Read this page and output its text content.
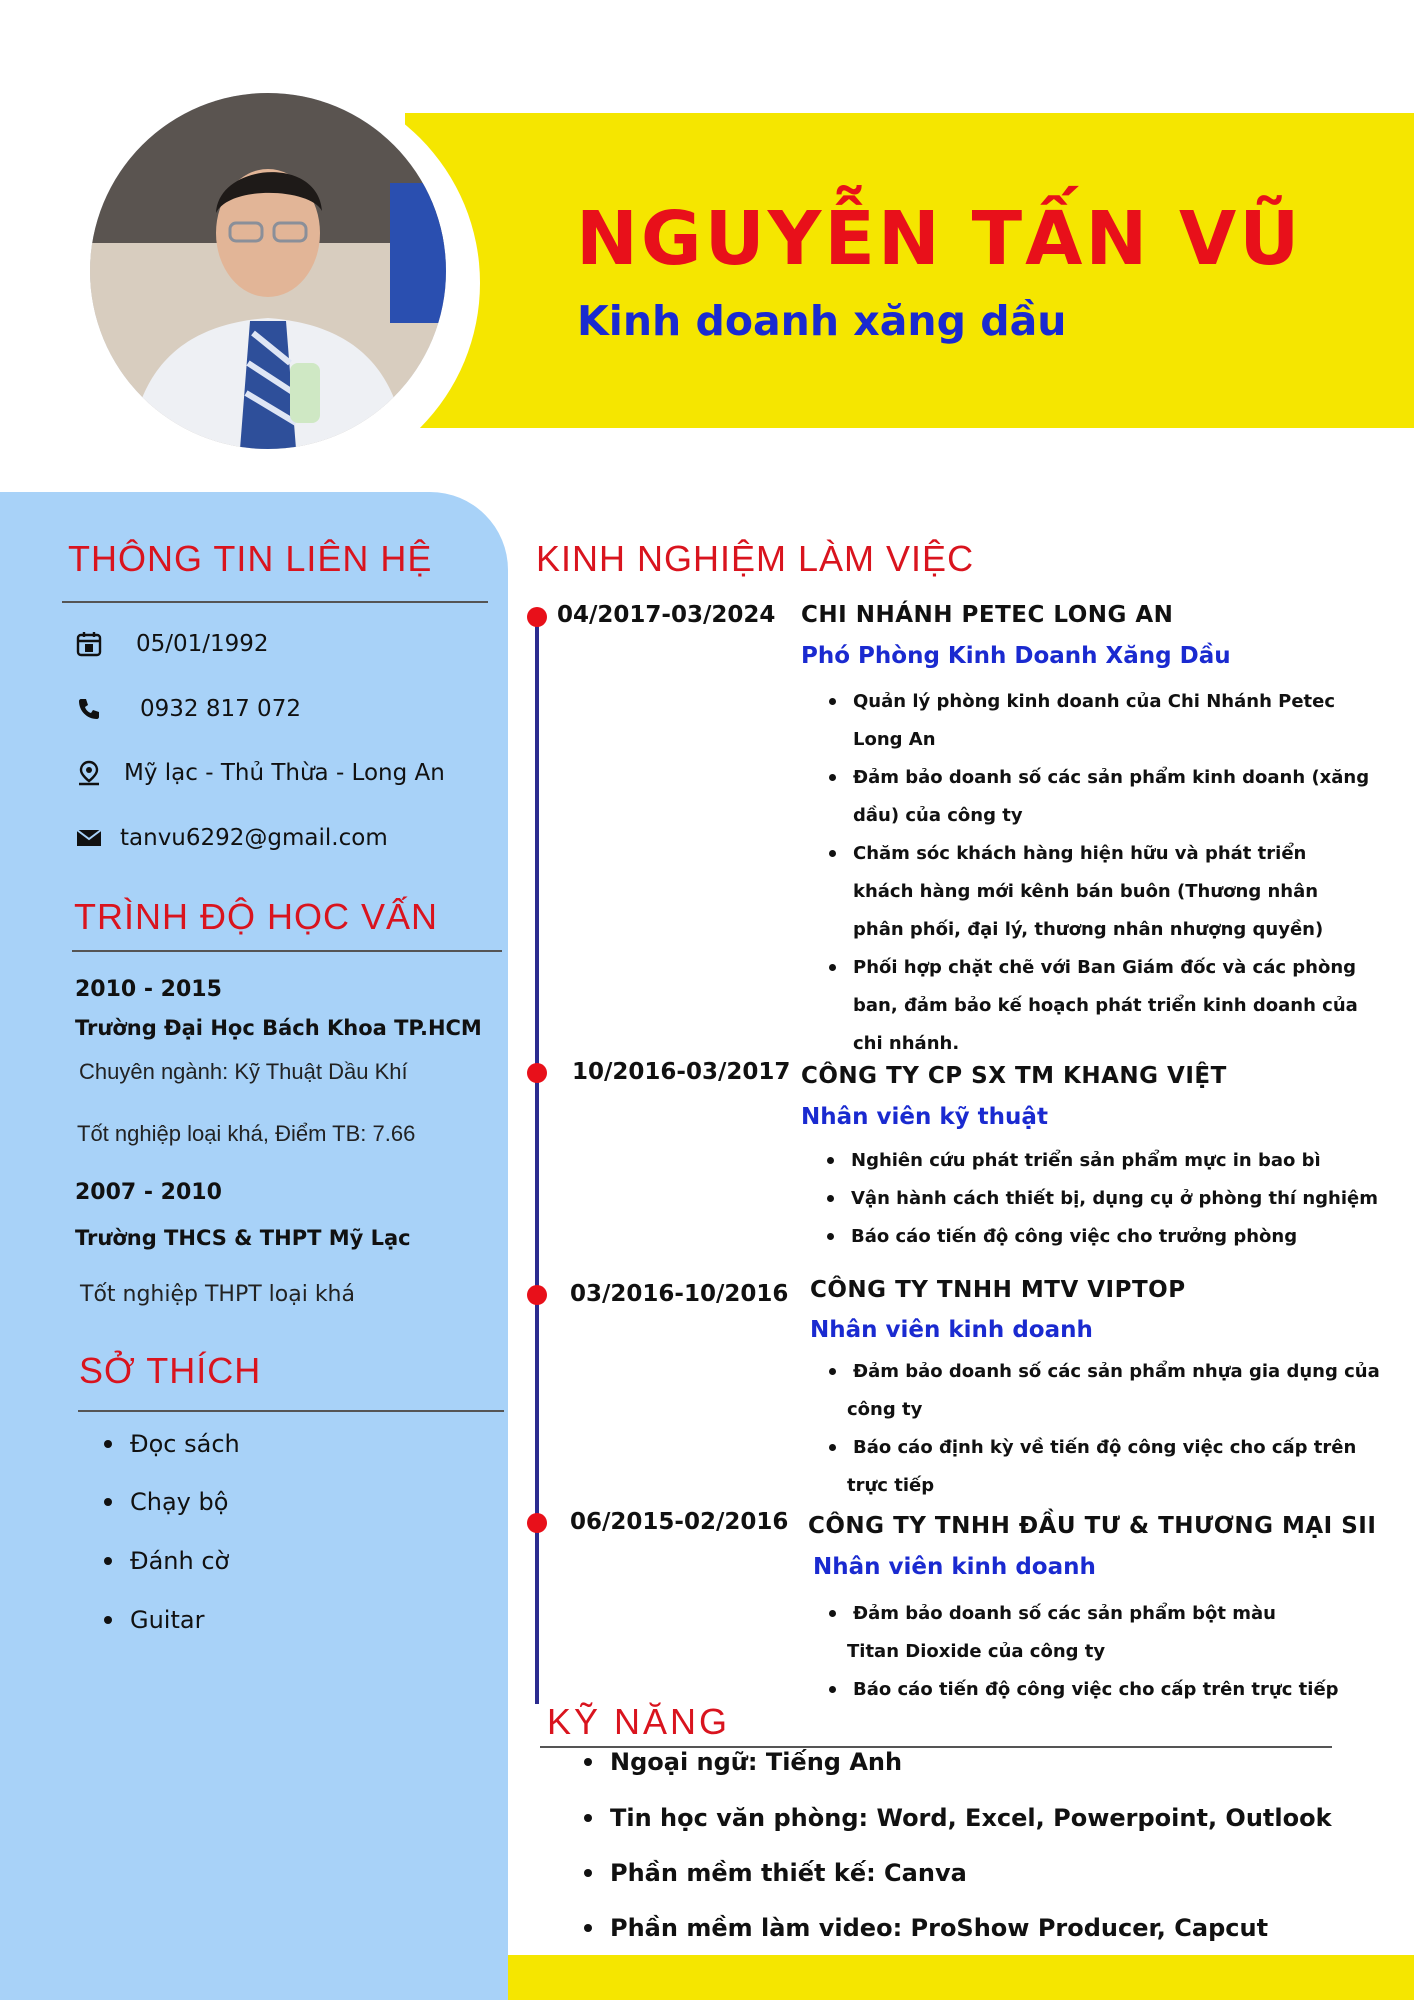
NGUYỄN TẤN VŨ
Kinh doanh xăng dầu
THÔNG TIN LIÊN HỆ
05/01/1992
0932 817 072
Mỹ lạc - Thủ Thừa - Long An
tanvu6292@gmail.com
TRÌNH ĐỘ HỌC VẤN
2010 - 2015
Trường Đại Học Bách Khoa TP.HCM
Chuyên ngành: Kỹ Thuật Dầu Khí
Tốt nghiệp loại khá, Điểm TB: 7.66
2007 - 2010
Trường THCS & THPT Mỹ Lạc
Tốt nghiệp THPT loại khá
SỞ THÍCH
Đọc sách
Chạy bộ
Đánh cờ
Guitar
KINH NGHIỆM LÀM VIỆC
04/2017-03/2024 CHI NHÁNH PETEC LONG AN
Phó Phòng Kinh Doanh Xăng Dầu
Quản lý phòng kinh doanh của Chi Nhánh Petec
Long An
Đảm bảo doanh số các sản phẩm kinh doanh (xăng
dầu) của công ty
Chăm sóc khách hàng hiện hữu và phát triển
khách hàng mới kênh bán buôn (Thương nhân
phân phối, đại lý, thương nhân nhượng quyền)
Phối hợp chặt chẽ với Ban Giám đốc và các phòng
ban, đảm bảo kế hoạch phát triển kinh doanh của
chi nhánh.
10/2016-03/2017 CÔNG TY CP SX TM KHANG VIỆT
Nhân viên kỹ thuật
Nghiên cứu phát triển sản phẩm mực in bao bì
Vận hành cách thiết bị, dụng cụ ở phòng thí nghiệm
Báo cáo tiến độ công việc cho trưởng phòng
03/2016-10/2016 CÔNG TY TNHH MTV VIPTOP
Nhân viên kinh doanh
Đảm bảo doanh số các sản phẩm nhựa gia dụng của
công ty
Báo cáo định kỳ về tiến độ công việc cho cấp trên
trực tiếp
06/2015-02/2016 CÔNG TY TNHH ĐẦU TƯ & THƯƠNG MẠI SII
Nhân viên kinh doanh
Đảm bảo doanh số các sản phẩm bột màu
Titan Dioxide của công ty
Báo cáo tiến độ công việc cho cấp trên trực tiếp
KỸ NĂNG
Ngoại ngữ: Tiếng Anh
Tin học văn phòng: Word, Excel, Powerpoint, Outlook
Phần mềm thiết kế: Canva
Phần mềm làm video: ProShow Producer, Capcut
